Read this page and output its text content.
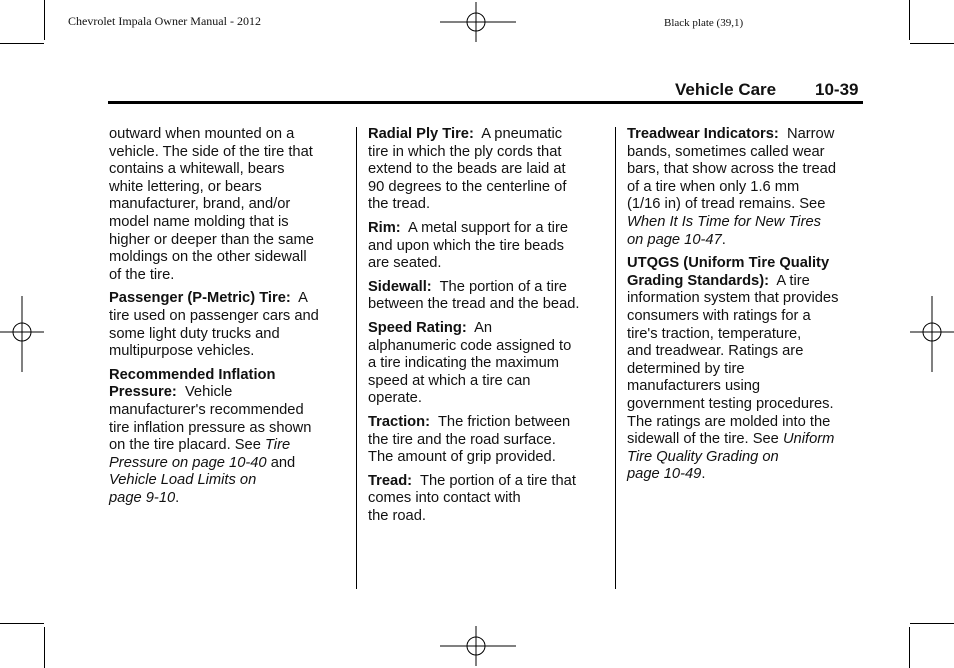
Chevrolet Impala Owner Manual - 2012	Black plate (39,1)
Vehicle Care 10-39

outward when mounted on a
vehicle. The side of the tire that
contains a whitewall, bears
white lettering, or bears
manufacturer, brand, and/or
model name molding that is
higher or deeper than the same
moldings on the other sidewall
of the tire.

Passenger (P-Metric) Tire: A
tire used on passenger cars and
some light duty trucks and
multipurpose vehicles.

Recommended Inflation
Pressure: Vehicle
manufacturer's recommended
tire inflation pressure as shown
on the tire placard. See Tire
Pressure on page 10-40 and
Vehicle Load Limits on
page 9-10.

Radial Ply Tire: A pneumatic
tire in which the ply cords that
extend to the beads are laid at
90 degrees to the centerline of
the tread.

Rim: A metal support for a tire
and upon which the tire beads
are seated.

Sidewall: The portion of a tire
between the tread and the bead.

Speed Rating: An
alphanumeric code assigned to
a tire indicating the maximum
speed at which a tire can
operate.

Traction: The friction between
the tire and the road surface.
The amount of grip provided.

Tread: The portion of a tire that
comes into contact with
the road.

Treadwear Indicators: Narrow
bands, sometimes called wear
bars, that show across the tread
of a tire when only 1.6 mm
(1/16 in) of tread remains. See
When It Is Time for New Tires
on page 10-47.

UTQGS (Uniform Tire Quality
Grading Standards): A tire
information system that provides
consumers with ratings for a
tire's traction, temperature,
and treadwear. Ratings are
determined by tire
manufacturers using
government testing procedures.
The ratings are molded into the
sidewall of the tire. See Uniform
Tire Quality Grading on
page 10-49.
